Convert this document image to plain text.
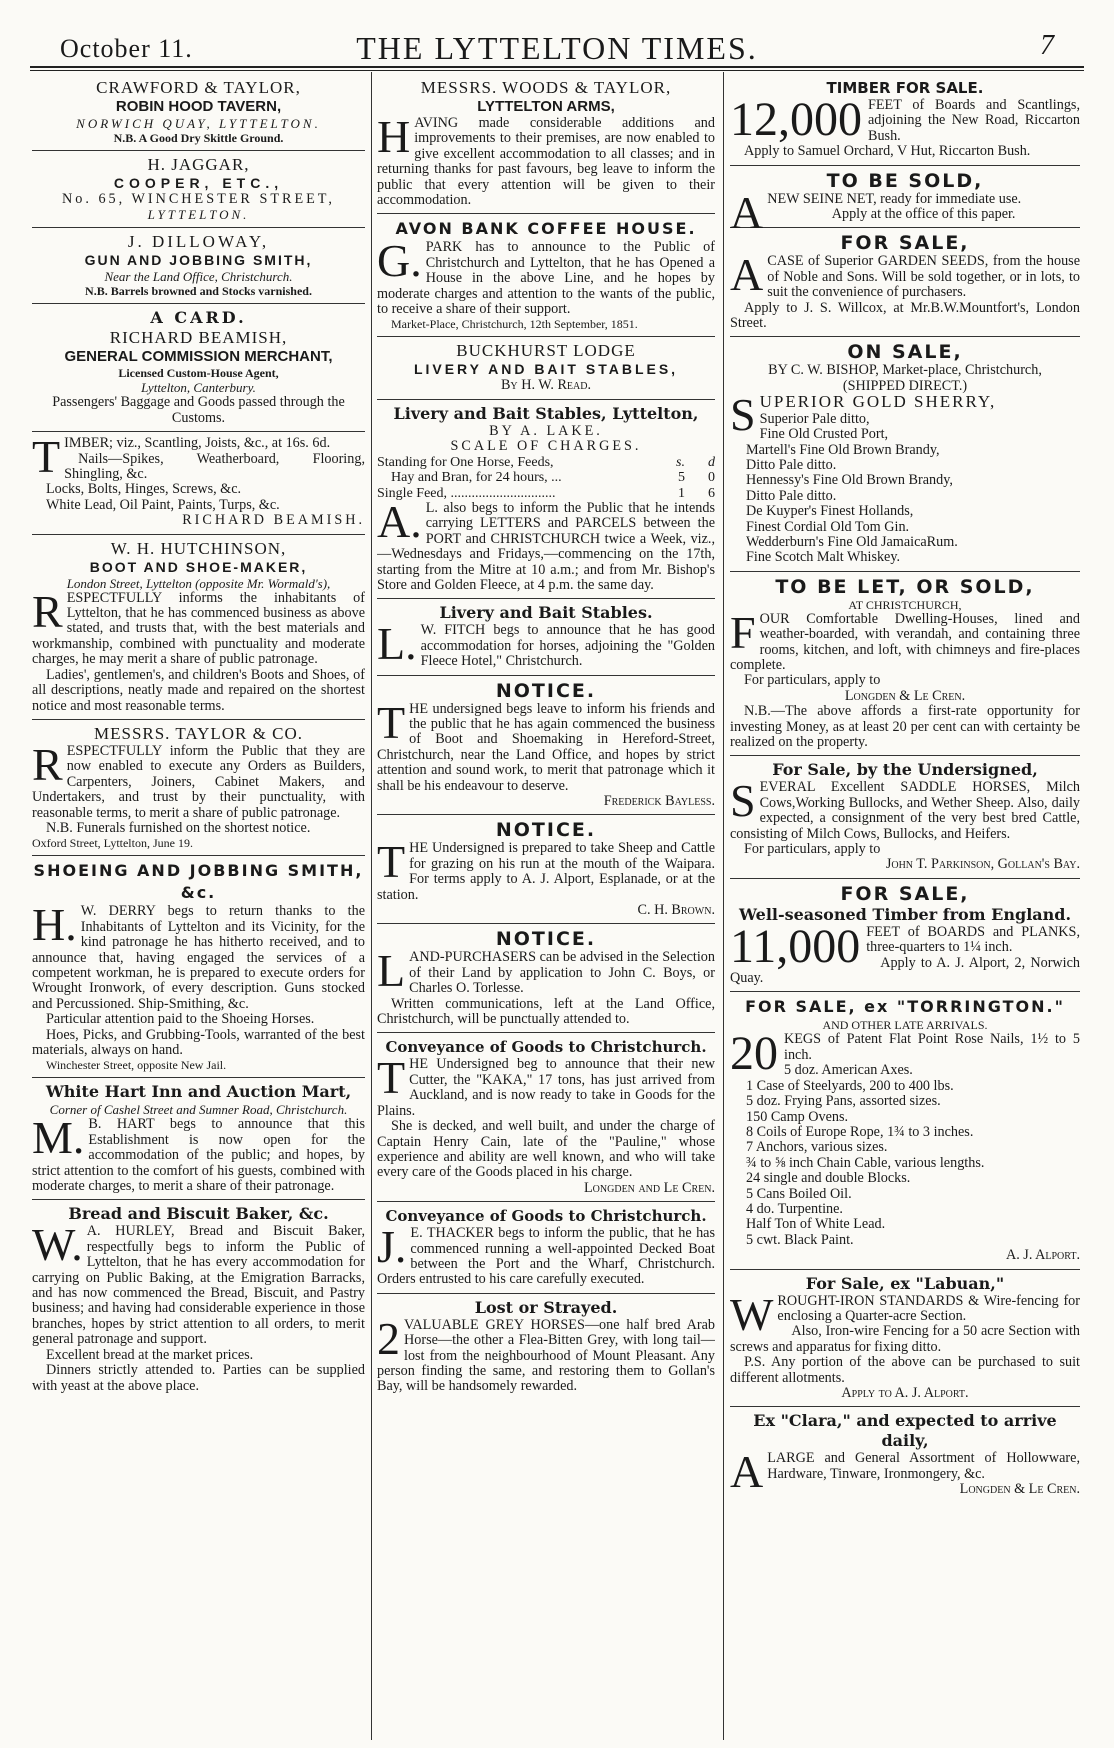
October 11.	THE LYTTELTON TIMES.	7
CRAWFORD & TAYLOR,
ROBIN HOOD TAVERN,
NORWICH QUAY, LYTTELTON.
N.B. A Good Dry Skittle Ground.
H. JAGGAR,
COOPER, ETC.,
No. 65, WINCHESTER STREET,
LYTTELTON.
J. DILLOWAY,
GUN AND JOBBING SMITH,
Near the Land Office, Christchurch.
N.B. Barrels browned and Stocks varnished.
A CARD.
RICHARD BEAMISH,
GENERAL COMMISSION MERCHANT,
Licensed Custom-House Agent,
Lyttelton, Canterbury.
Passengers' Baggage and Goods passed through the Customs.
TIMBER; viz., Scantling, Joists, &c., at 16s. 6d.
Nails—Spikes, Weatherboard, Flooring, Shingling, &c.
Locks, Bolts, Hinges, Screws, &c.
White Lead, Oil Paint, Paints, Turps, &c.
RICHARD BEAMISH.
W. H. HUTCHINSON,
BOOT AND SHOE-MAKER,
London Street, Lyttelton (opposite Mr. Wormald's),
RESPECTFULLY informs the inhabitants of Lyttelton, that he has commenced business as above stated, and trusts that, with the best materials and workmanship, combined with punctuality and moderate charges, he may merit a share of public patronage.
Ladies', gentlemen's, and children's Boots and Shoes, of all descriptions, neatly made and repaired on the shortest notice and most reasonable terms.
MESSRS. TAYLOR & CO.
RESPECTFULLY inform the Public that they are now enabled to execute any Orders as Builders, Carpenters, Joiners, Cabinet Makers, and Undertakers, and trust by their punctuality, with reasonable terms, to merit a share of public patronage.
N.B. Funerals furnished on the shortest notice.
Oxford Street, Lyttelton, June 19.
SHOEING AND JOBBING SMITH, &c.
H. W. DERRY begs to return thanks to the Inhabitants of Lyttelton and its Vicinity, for the kind patronage he has hitherto received, and to announce that, having engaged the services of a competent workman, he is prepared to execute orders for Wrought Ironwork, of every description. Guns stocked and Percussioned. Ship-Smithing, &c.
Particular attention paid to the Shoeing Horses.
Hoes, Picks, and Grubbing-Tools, warranted of the best materials, always on hand.
Winchester Street, opposite New Jail.
White Hart Inn and Auction Mart,
Corner of Cashel Street and Sumner Road, Christchurch.
M. B. HART begs to announce that this Establishment is now open for the accommodation of the public; and hopes, by strict attention to the comfort of his guests, combined with moderate charges, to merit a share of their patronage.
Bread and Biscuit Baker, &c.
W. A. HURLEY, Bread and Biscuit Baker, respectfully begs to inform the Public of Lyttelton, that he has every accommodation for carrying on Public Baking, at the Emigration Barracks, and has now commenced the Bread, Biscuit, and Pastry business; and having had considerable experience in those branches, hopes by strict attention to all orders, to merit general patronage and support.
Excellent bread at the market prices.
Dinners strictly attended to. Parties can be supplied with yeast at the above place.
MESSRS. WOODS & TAYLOR,
LYTTELTON ARMS,
HAVING made considerable additions and improvements to their premises, are now enabled to give excellent accommodation to all classes; and in returning thanks for past favours, beg leave to inform the public that every attention will be given to their accommodation.
AVON BANK COFFEE HOUSE.
G. PARK has to announce to the Public of Christchurch and Lyttelton, that he has Opened a House in the above Line, and he hopes by moderate charges and attention to the wants of the public, to receive a share of their support.
Market-Place, Christchurch, 12th September, 1851.
BUCKHURST LODGE
LIVERY AND BAIT STABLES,
By H. W. Read.
Livery and Bait Stables, Lyttelton,
BY A. LAKE.
SCALE OF CHARGES.
Standing for One Horse, Feeds,	s.	d
Hay and Bran, for 24 hours, ...	5	0
Single Feed, ..............................	1	6
A. L. also begs to inform the Public that he intends carrying LETTERS and PARCELS between the PORT and CHRISTCHURCH twice a Week, viz.,—Wednesdays and Fridays,—commencing on the 17th, starting from the Mitre at 10 a.m.; and from Mr. Bishop's Store and Golden Fleece, at 4 p.m. the same day.
Livery and Bait Stables.
L. W. FITCH begs to announce that he has good accommodation for horses, adjoining the "Golden Fleece Hotel," Christchurch.
NOTICE.
THE undersigned begs leave to inform his friends and the public that he has again commenced the business of Boot and Shoemaking in Hereford-Street, Christchurch, near the Land Office, and hopes by strict attention and sound work, to merit that patronage which it shall be his endeavour to deserve.
Frederick Bayless.
NOTICE.
THE Undersigned is prepared to take Sheep and Cattle for grazing on his run at the mouth of the Waipara. For terms apply to A. J. Alport, Esplanade, or at the station.
C. H. Brown.
NOTICE.
LAND-PURCHASERS can be advised in the Selection of their Land by application to John C. Boys, or Charles O. Torlesse.
Written communications, left at the Land Office, Christchurch, will be punctually attended to.
Conveyance of Goods to Christchurch.
THE Undersigned beg to announce that their new Cutter, the "KAKA," 17 tons, has just arrived from Auckland, and is now ready to take in Goods for the Plains.
She is decked, and well built, and under the charge of Captain Henry Cain, late of the "Pauline," whose experience and ability are well known, and who will take every care of the Goods placed in his charge.
Longden and Le Cren.
Conveyance of Goods to Christchurch.
J. E. THACKER begs to inform the public, that he has commenced running a well-appointed Decked Boat between the Port and the Wharf, Christchurch. Orders entrusted to his care carefully executed.
Lost or Strayed.
2 VALUABLE GREY HORSES—one half bred Arab Horse—the other a Flea-Bitten Grey, with long tail—lost from the neighbourhood of Mount Pleasant. Any person finding the same, and restoring them to Gollan's Bay, will be handsomely rewarded.
TIMBER FOR SALE.
12,000 FEET of Boards and Scantlings, adjoining the New Road, Riccarton Bush.
Apply to Samuel Orchard, V Hut, Riccarton Bush.
TO BE SOLD,
ANEW SEINE NET, ready for immediate use.
Apply at the office of this paper.
FOR SALE,
ACASE of Superior GARDEN SEEDS, from the house of Noble and Sons. Will be sold together, or in lots, to suit the convenience of purchasers.
Apply to J. S. Willcox, at Mr.B.W.Mountfort's, London Street.
ON SALE,
BY C. W. BISHOP, Market-place, Christchurch,
(SHIPPED DIRECT.)
SUPERIOR GOLD SHERRY,
Superior Pale ditto,
Fine Old Crusted Port,
Martell's Fine Old Brown Brandy,
Ditto Pale ditto.
Hennessy's Fine Old Brown Brandy,
Ditto Pale ditto.
De Kuyper's Finest Hollands,
Finest Cordial Old Tom Gin.
Wedderburn's Fine Old JamaicaRum.
Fine Scotch Malt Whiskey.
TO BE LET, OR SOLD,
AT CHRISTCHURCH,
FOUR Comfortable Dwelling-Houses, lined and weather-boarded, with verandah, and containing three rooms, kitchen, and loft, with chimneys and fire-places complete.
For particulars, apply to
Longden & Le Cren.
N.B.—The above affords a first-rate opportunity for investing Money, as at least 20 per cent can with certainty be realized on the property.
For Sale, by the Undersigned,
SEVERAL Excellent SADDLE HORSES, Milch Cows,Working Bullocks, and Wether Sheep. Also, daily expected, a consignment of the very best bred Cattle, consisting of Milch Cows, Bullocks, and Heifers.
For particulars, apply to
John T. Parkinson, Gollan's Bay.
FOR SALE,
Well-seasoned Timber from England.
11,000 FEET of BOARDS and PLANKS, three-quarters to 1¼ inch.
Apply to A. J. Alport, 2, Norwich Quay.
FOR SALE, ex "TORRINGTON."
AND OTHER LATE ARRIVALS.
20 KEGS of Patent Flat Point Rose Nails, 1½ to 5 inch.
5 doz. American Axes.
1 Case of Steelyards, 200 to 400 lbs.
5 doz. Frying Pans, assorted sizes.
150 Camp Ovens.
8 Coils of Europe Rope, 1¾ to 3 inches.
7 Anchors, various sizes.
¾ to ⅝ inch Chain Cable, various lengths.
24 single and double Blocks.
5 Cans Boiled Oil.
4 do. Turpentine.
Half Ton of White Lead.
5 cwt. Black Paint.
A. J. Alport.
For Sale, ex "Labuan,"
WROUGHT-IRON STANDARDS & Wire-fencing for enclosing a Quarter-acre Section.
Also, Iron-wire Fencing for a 50 acre Section with screws and apparatus for fixing ditto.
P.S. Any portion of the above can be purchased to suit different allotments.
Apply to A. J. Alport.
Ex "Clara," and expected to arrive daily,
ALARGE and General Assortment of Hollowware, Hardware, Tinware, Ironmongery, &c.
Longden & Le Cren.
